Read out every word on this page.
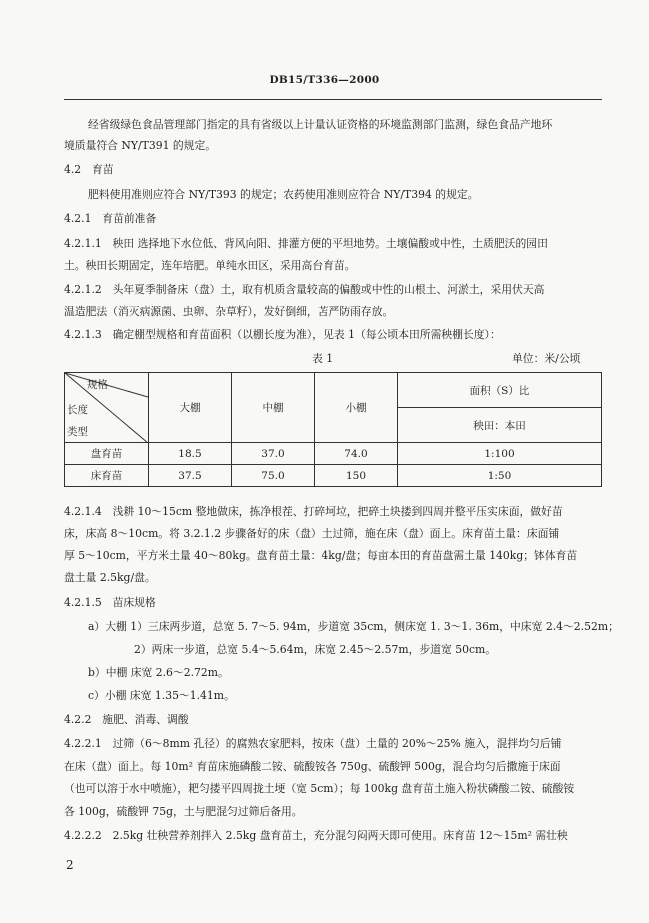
DB15/T336—2000
经省级绿色食品管理部门指定的具有省级以上计量认证资格的环境监测部门监测，绿色食品产地环
境质量符合 NY/T391 的规定。
4.2　育苗
肥料使用准则应符合 NY/T393 的规定；农药使用准则应符合 NY/T394 的规定。
4.2.1　育苗前准备
4.2.1.1　秧田 选择地下水位低、背风向阳、排灌方便的平坦地势。土壤偏酸或中性，土质肥沃的园田
土。秧田长期固定，连年培肥。单纯水田区，采用高台育苗。
4.2.1.2　头年夏季制备床（盘）土，取有机质含量较高的偏酸或中性的山根土、河淤土，采用伏天高
温造肥法（消灭病源菌、虫卵、杂草籽），发好倒细，苫严防雨存放。
4.2.1.3　确定棚型规格和育苗面积（以棚长度为准），见表 1（每公顷本田所需秧棚长度）：
表 1	单位：米/公顷
规格
长度
类型	大棚	中棚	小棚	面积（S）比
				秧田：本田
盘育苗	18.5	37.0	74.0	1:100
床育苗	37.5	75.0	150	1:50
4.2.1.4　浅耕 10～15cm 整地做床，拣净根茬、打碎坷垃，把碎土块搂到四周并整平压实床面，做好苗
床，床高 8～10cm。将 3.2.1.2 步骤备好的床（盘）土过筛，施在床（盘）面上。床育苗土量：床面铺
厚 5～10cm，平方米土量 40～80kg。盘育苗土量：4kg/盘；每亩本田的育苗盘需土量 140kg；钵体育苗
盘土量 2.5kg/盘。
4.2.1.5　苗床规格
a）大棚 1）三床两步道，总宽 5. 7～5. 94m，步道宽 35cm，侧床宽 1. 3～1. 36m，中床宽 2.4～2.52m；
2）两床一步道，总宽 5.4～5.64m，床宽 2.45～2.57m，步道宽 50cm。
b）中棚 床宽 2.6～2.72m。
c）小棚 床宽 1.35～1.41m。
4.2.2　施肥、消毒、调酸
4.2.2.1　过筛（6～8mm 孔径）的腐熟农家肥料，按床（盘）土量的 20%～25% 施入，混拌均匀后铺
在床（盘）面上。每 10m² 育苗床施磷酸二铵、硫酸铵各 750g、硫酸钾 500g，混合均匀后撒施于床面
（也可以溶于水中喷施），耙匀搂平四周拢土埂（宽 5cm）；每 100kg 盘育苗土施入粉状磷酸二铵、硫酸铵
各 100g，硫酸钾 75g，土与肥混匀过筛后备用。
4.2.2.2　2.5kg 壮秧营养剂拌入 2.5kg 盘育苗土，充分混匀闷两天即可使用。床育苗 12～15m² 需壮秧
2
